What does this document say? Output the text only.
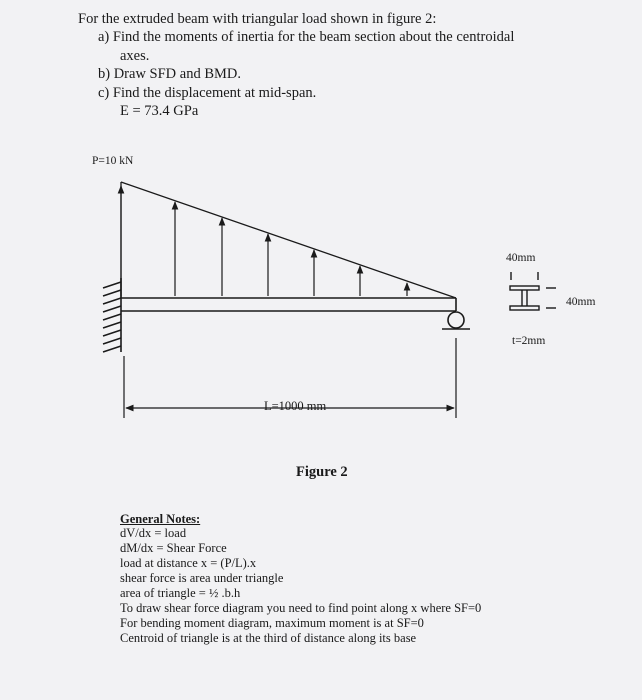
For the extruded beam with triangular load shown in figure 2:
a) Find the moments of inertia for the beam section about the centroidal
axes.
b) Draw SFD and BMD.
c) Find the displacement at mid-span.
E = 73.4 GPa
P=10 kN
40mm
40mm
t=2mm
L=1000 mm
Figure 2
General Notes:
dV/dx = load
dM/dx = Shear Force
load at distance x = (P/L).x
shear force is area under triangle
area of triangle = ½ .b.h
To draw shear force diagram you need to find point along x where SF=0
For bending moment diagram, maximum moment is at SF=0
Centroid of triangle is at the third of distance along its base
